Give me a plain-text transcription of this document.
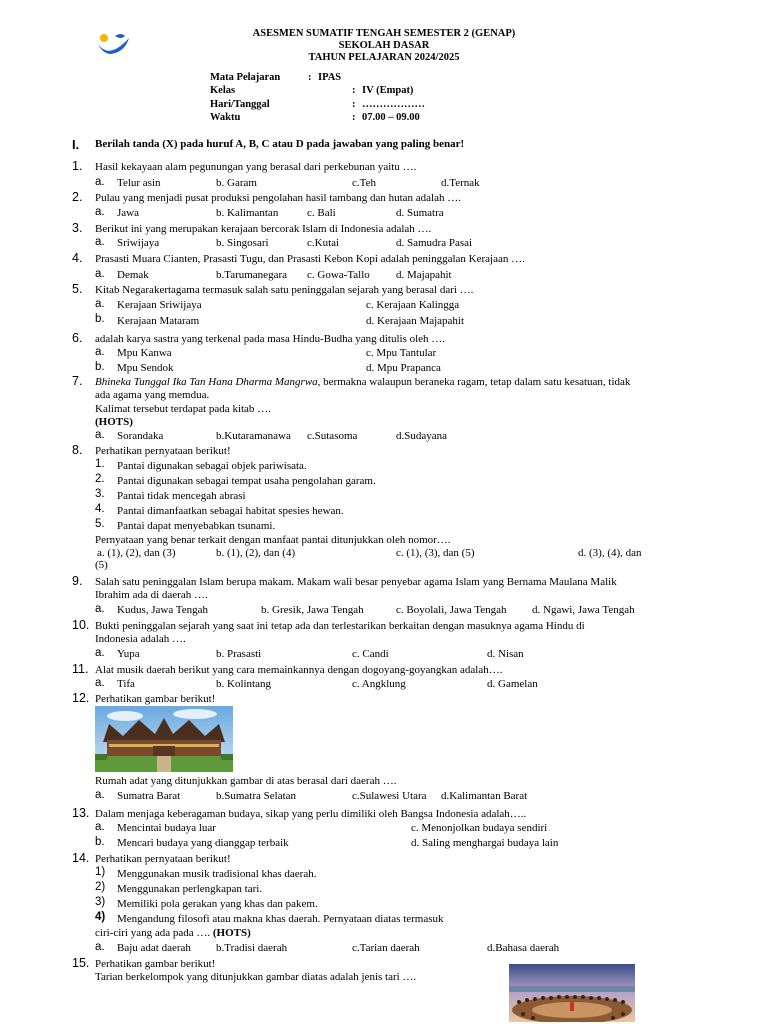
ASESMEN SUMATIF TENGAH SEMESTER 2 (GENAP)
SEKOLAH DASAR
TAHUN PELAJARAN 2024/2025
Mata Pelajaran	: IPAS
Kelas	: IV (Empat)
Hari/Tanggal	: ………………
Waktu	: 07.00 – 09.00
I. Berilah tanda (X) pada huruf A, B, C atau D pada jawaban yang paling benar!
1. Hasil kekayaan alam pegunungan yang berasal dari perkebunan yaitu ….
a. Telur asin	b. Garam	c.Teh	d.Ternak
2. Pulau yang menjadi pusat produksi pengolahan hasil tambang dan hutan adalah ….
a. Jawa	b. Kalimantan	c. Bali	d. Sumatra
3. Berikut ini yang merupakan kerajaan bercorak Islam di Indonesia adalah ….
a. Sriwijaya	b. Singosari	c.Kutai	d. Samudra Pasai
4. Prasasti Muara Cianten, Prasasti Tugu, dan Prasasti Kebon Kopi adalah peninggalan Kerajaan ….
a. Demak	b.Tarumanegara c. Gowa-Tallo d. Majapahit
5. Kitab Negarakertagama termasuk salah satu peninggalan sejarah yang berasal dari ….
a. Kerajaan Sriwijaya	c. Kerajaan Kalingga
b. Kerajaan Mataram	d. Kerajaan Majapahit
6. adalah karya sastra yang terkenal pada masa Hindu-Budha yang ditulis oleh ….
a. Mpu Kanwa	c. Mpu Tantular
b. Mpu Sendok	d. Mpu Prapanca
7. Bhineka Tunggal Ika Tan Hana Dharma Mangrwa, bermakna walaupun beraneka ragam, tetap dalam satu kesatuan, tidak
ada agama yang memdua.
Kalimat tersebut terdapat pada kitab ….
(HOTS)
a. Sorandaka	b.Kutaramanawa c.Sutasoma	d.Sudayana
8. Perhatikan pernyataan berikut!
1. Pantai digunakan sebagai objek pariwisata.
2. Pantai digunakan sebagai tempat usaha pengolahan garam.
3. Pantai tidak mencegah abrasi
4. Pantai dimanfaatkan sebagai habitat spesies hewan.
5. Pantai dapat menyebabkan tsunami.
Pernyataan yang benar terkait dengan manfaat pantai ditunjukkan oleh nomor….
a. (1), (2), dan (3)	b. (1), (2), dan (4)	c. (1), (3), dan (5)	d. (3), (4), dan
(5)
9. Salah satu peninggalan Islam berupa makam. Makam wali besar penyebar agama Islam yang Bernama Maulana Malik
Ibrahim ada di daerah ….
a. Kudus, Jawa Tengah	b. Gresik, Jawa Tengah	c. Boyolali, Jawa Tengah d. Ngawi, Jawa Tengah
10. Bukti peninggalan sejarah yang saat ini tetap ada dan terlestarikan berkaitan dengan masuknya agama Hindu di
Indonesia adalah ….
a. Yupa	b. Prasasti	c. Candi	d. Nisan
11. Alat musik daerah berikut yang cara memainkannya dengan dogoyang-goyangkan adalah….
a. Tifa	b. Kolintang	c. Angklung	d. Gamelan
12. Perhatikan gambar berikut!
Rumah adat yang ditunjukkan gambar di atas berasal dari daerah ….
a. Sumatra Barat	b.Sumatra Selatan	c.Sulawesi Utara d.Kalimantan Barat
13. Dalam menjaga keberagaman budaya, sikap yang perlu dimiliki oleh Bangsa Indonesia adalah…..
a. Mencintai budaya luar	c. Menonjolkan budaya sendiri
b. Mencari budaya yang dianggap terbaik	d. Saling menghargai budaya lain
14. Perhatikan pernyataan berikut!
1) Menggunakan musik tradisional khas daerah.
2) Menggunakan perlengkapan tari.
3) Memiliki pola gerakan yang khas dan pakem.
4) Mengandung filosofi atau makna khas daerah. Pernyataan diatas termasuk
ciri-ciri yang ada pada …. (HOTS)
a. Baju adat daerah b.Tradisi daerah	c.Tarian daerah	d.Bahasa daerah
15. Perhatikan gambar berikut!
Tarian berkelompok yang ditunjukkan gambar diatas adalah jenis tari ….
